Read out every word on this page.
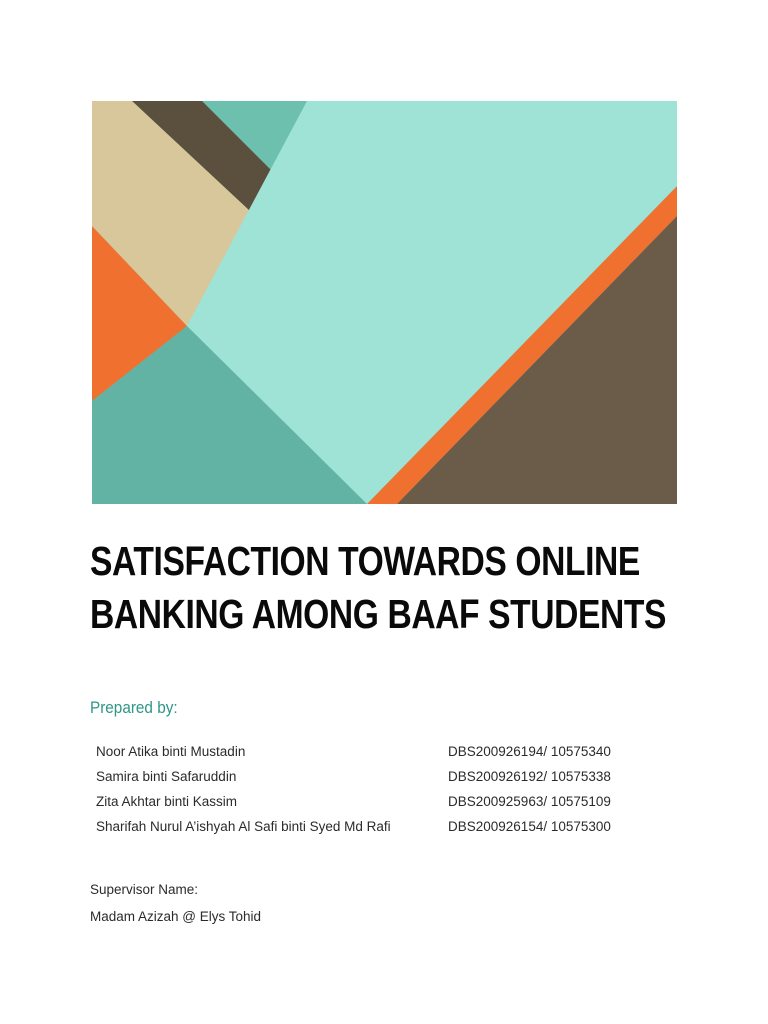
SATISFACTION TOWARDS ONLINE
BANKING AMONG BAAF STUDENTS
Prepared by:
Noor Atika binti Mustadin	DBS200926194/ 10575340
Samira binti Safaruddin	DBS200926192/ 10575338
Zita Akhtar binti Kassim	DBS200925963/ 10575109
Sharifah Nurul A’ishyah Al Safi binti Syed Md Rafi	DBS200926154/ 10575300
Supervisor Name:
Madam Azizah @ Elys Tohid
